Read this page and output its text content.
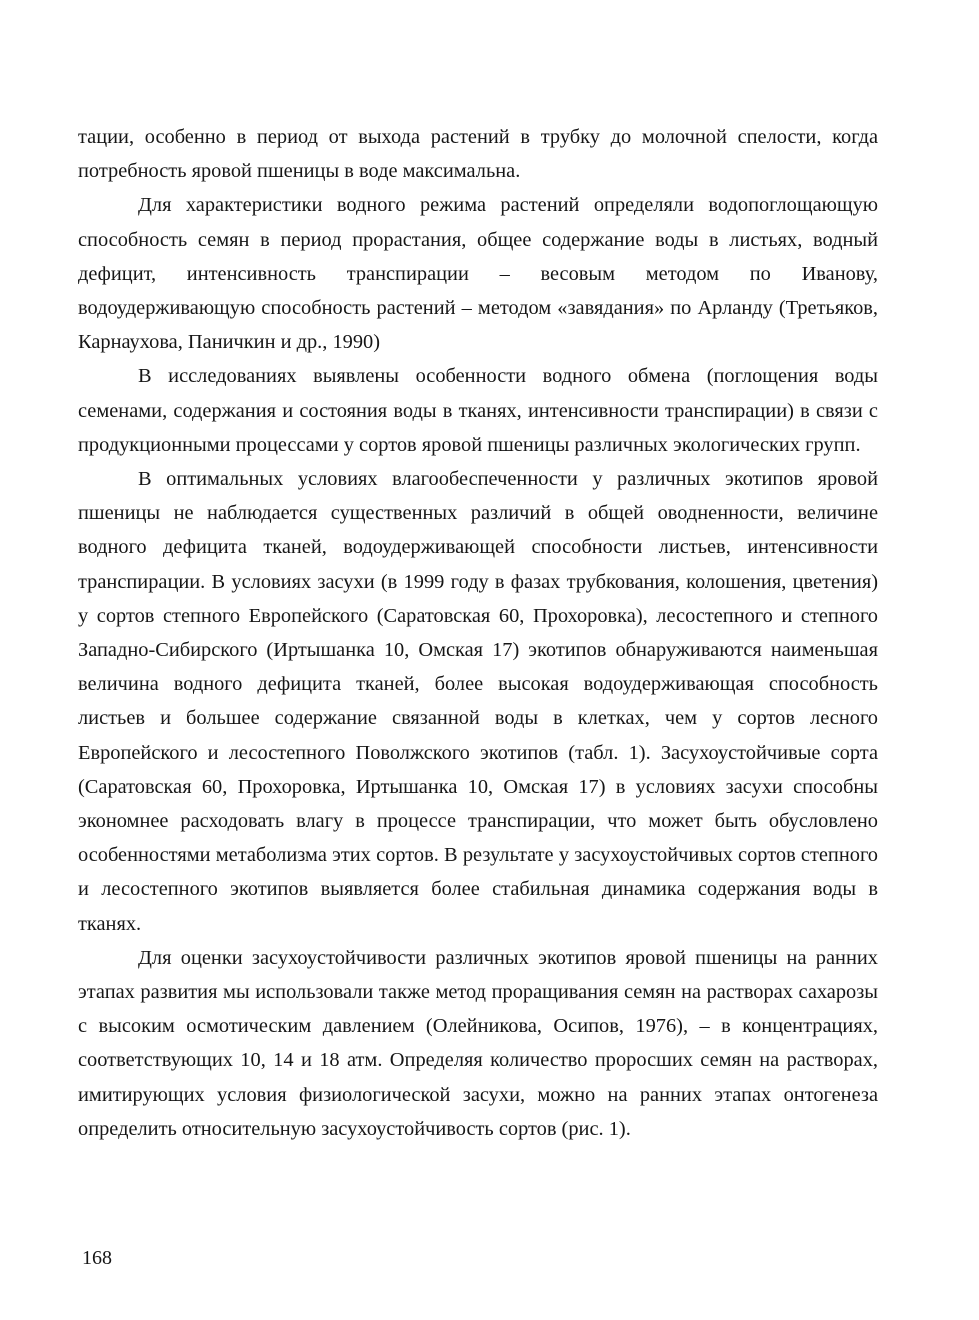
тации, особенно в период от выхода растений в трубку до молочной спелости, когда потребность яровой пшеницы в воде максимальна.

Для характеристики водного режима растений определяли водопоглощающую способность семян в период прорастания, общее содержание воды в листьях, водный дефицит, интенсивность транспирации – весовым методом по Иванову, водоудерживающую способность растений – методом «завядания» по Арланду (Третьяков, Карнаухова, Паничкин и др., 1990)

В исследованиях выявлены особенности водного обмена (поглощения воды семенами, содержания и состояния воды в тканях, интенсивности транспирации) в связи с продукционными процессами у сортов яровой пшеницы различных экологических групп.

В оптимальных условиях влагообеспеченности у различных экотипов яровой пшеницы не наблюдается существенных различий в общей оводненности, величине водного дефицита тканей, водоудерживающей способности листьев, интенсивности транспирации. В условиях засухи (в 1999 году в фазах трубкования, колошения, цветения) у сортов степного Европейского (Саратовская 60, Прохоровка), лесостепного и степного Западно-Сибирского (Иртышанка 10, Омская 17) экотипов обнаруживаются наименьшая величина водного дефицита тканей, более высокая водоудерживающая способность листьев и большее содержание связанной воды в клетках, чем у сортов лесного Европейского и лесостепного Поволжского экотипов (табл. 1). Засухоустойчивые сорта (Саратовская 60, Прохоровка, Иртышанка 10, Омская 17) в условиях засухи способны экономнее расходовать влагу в процессе транспирации, что может быть обусловлено особенностями метаболизма этих сортов. В результате у засухоустойчивых сортов степного и лесостепного экотипов выявляется более стабильная динамика содержания воды в тканях.

Для оценки засухоустойчивости различных экотипов яровой пшеницы на ранних этапах развития мы использовали также метод проращивания семян на растворах сахарозы с высоким осмотическим давлением (Олейникова, Осипов, 1976), – в концентрациях, соответствующих 10, 14 и 18 атм. Определяя количество проросших семян на растворах, имитирующих условия физиологической засухи, можно на ранних этапах онтогенеза определить относительную засухоустойчивость сортов (рис. 1).

168
